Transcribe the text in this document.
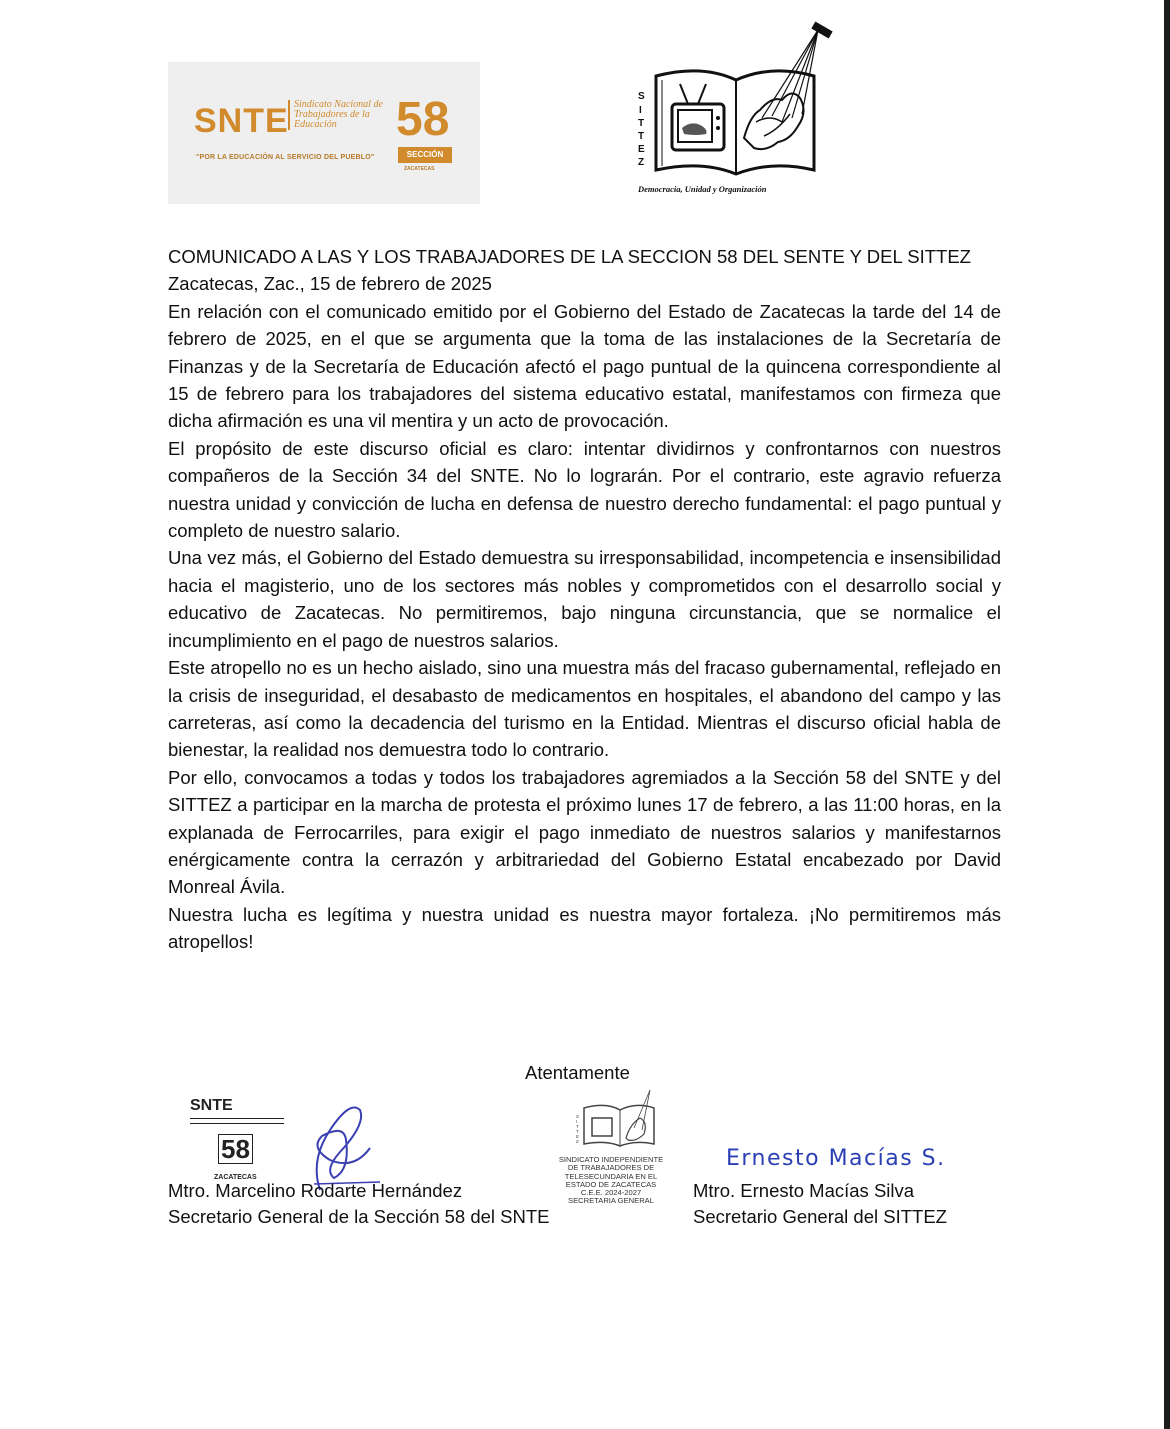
SNTE Sindicato Nacional de Trabajadores de la Educación
"POR LA EDUCACIÓN AL SERVICIO DEL PUEBLO"
58
SECCIÓN
ZACATECAS
S
I
T
T
E
Z
Democracia, Unidad y Organización

COMUNICADO A LAS Y LOS TRABAJADORES DE LA SECCION 58 DEL SENTE Y DEL SITTEZ

Zacatecas, Zac., 15 de febrero de 2025

En relación con el comunicado emitido por el Gobierno del Estado de Zacatecas la tarde del 14 de febrero de 2025, en el que se argumenta que la toma de las instalaciones de la Secretaría de Finanzas y de la Secretaría de Educación afectó el pago puntual de la quincena correspondiente al 15 de febrero para los trabajadores del sistema educativo estatal, manifestamos con firmeza que dicha afirmación es una vil mentira y un acto de provocación.

El propósito de este discurso oficial es claro: intentar dividirnos y confrontarnos con nuestros compañeros de la Sección 34 del SNTE. No lo lograrán. Por el contrario, este agravio refuerza nuestra unidad y convicción de lucha en defensa de nuestro derecho fundamental: el pago puntual y completo de nuestro salario.

Una vez más, el Gobierno del Estado demuestra su irresponsabilidad, incompetencia e insensibilidad hacia el magisterio, uno de los sectores más nobles y comprometidos con el desarrollo social y educativo de Zacatecas. No permitiremos, bajo ninguna circunstancia, que se normalice el incumplimiento en el pago de nuestros salarios.

Este atropello no es un hecho aislado, sino una muestra más del fracaso gubernamental, reflejado en la crisis de inseguridad, el desabasto de medicamentos en hospitales, el abandono del campo y las carreteras, así como la decadencia del turismo en la Entidad. Mientras el discurso oficial habla de bienestar, la realidad nos demuestra todo lo contrario.

Por ello, convocamos a todas y todos los trabajadores agremiados a la Sección 58 del SNTE y del SITTEZ a participar en la marcha de protesta el próximo lunes 17 de febrero, a las 11:00 horas, en la explanada de Ferrocarriles, para exigir el pago inmediato de nuestros salarios y manifestarnos enérgicamente contra la cerrazón y arbitrariedad del Gobierno Estatal encabezado por David Monreal Ávila.

Nuestra lucha es legítima y nuestra unidad es nuestra mayor fortaleza. ¡No permitiremos más atropellos!

Atentamente
SNTE
58
ZACATECAS
S
I
T
T
E
Z
SINDICATO INDEPENDIENTE
DE TRABAJADORES DE
TELESECUNDARIA EN EL
ESTADO DE ZACATECAS
C.E.E. 2024-2027
SECRETARIA GENERAL
Ernesto Macías S.
Mtro. Marcelino Rodarte Hernández
Secretario General de la Sección 58 del SNTE
Mtro. Ernesto Macías Silva
Secretario General del SITTEZ
